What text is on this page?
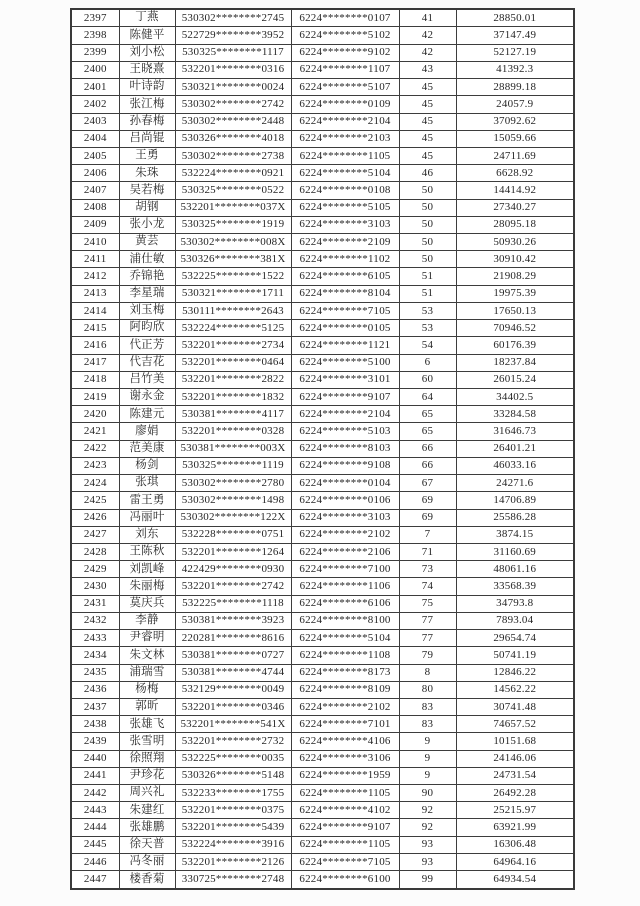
2397	丁燕	530302********2745	6224********0107	41	28850.01
2398	陈健平	522729********3952	6224********5102	42	37147.49
2399	刘小松	530325********1117	6224********9102	42	52127.19
2400	王晓熹	532201********0316	6224********1107	43	41392.3
2401	叶诗韵	530321********0024	6224********5107	45	28899.18
2402	张江梅	530302********2742	6224********0109	45	24057.9
2403	孙春梅	530302********2448	6224********2104	45	37092.62
2404	吕尚锟	530326********4018	6224********2103	45	15059.66
2405	王勇	530302********2738	6224********1105	45	24711.69
2406	朱珠	532224********0921	6224********5104	46	6628.92
2407	吴若梅	530325********0522	6224********0108	50	14414.92
2408	胡钢	532201********037X	6224********5105	50	27340.27
2409	张小龙	530325********1919	6224********3103	50	28095.18
2410	黄芸	530302********008X	6224********2109	50	50930.26
2411	浦仕敏	530326********381X	6224********1102	50	30910.42
2412	乔锦艳	532225********1522	6224********6105	51	21908.29
2413	李星瑞	530321********1711	6224********8104	51	19975.39
2414	刘玉梅	530111********2643	6224********7105	53	17650.13
2415	阿昀欣	532224********5125	6224********0105	53	70946.52
2416	代正芳	532201********2734	6224********1121	54	60176.39
2417	代吉花	532201********0464	6224********5100	6	18237.84
2418	吕竹美	532201********2822	6224********3101	60	26015.24
2419	谢永金	532201********1832	6224********9107	64	34402.5
2420	陈建元	530381********4117	6224********2104	65	33284.58
2421	廖娟	532201********0328	6224********5103	65	31646.73
2422	范美康	530381********003X	6224********8103	66	26401.21
2423	杨剑	530325********1119	6224********9108	66	46033.16
2424	张琪	530302********2780	6224********0104	67	24271.6
2425	雷王勇	530302********1498	6224********0106	69	14706.89
2426	冯丽叶	530302********122X	6224********3103	69	25586.28
2427	刘东	532228********0751	6224********2102	7	3874.15
2428	王陈秋	532201********1264	6224********2106	71	31160.69
2429	刘凯峰	422429********0930	6224********7100	73	48061.16
2430	朱丽梅	532201********2742	6224********1106	74	33568.39
2431	莫庆兵	532225********1118	6224********6106	75	34793.8
2432	李静	530381********3923	6224********8100	77	7893.04
2433	尹睿明	220281********8616	6224********5104	77	29654.74
2434	朱文林	530381********0727	6224********1108	79	50741.19
2435	浦瑞雪	530381********4744	6224********8173	8	12846.22
2436	杨梅	532129********0049	6224********8109	80	14562.22
2437	郭昕	532201********0346	6224********2102	83	30741.48
2438	张雄飞	532201********541X	6224********7101	83	74657.52
2439	张雪明	532201********2732	6224********4106	9	10151.68
2440	徐照翔	532225********0035	6224********3106	9	24146.06
2441	尹珍花	530326********5148	6224********1959	9	24731.54
2442	周兴礼	532233********1755	6224********1105	90	26492.28
2443	朱建红	532201********0375	6224********4102	92	25215.97
2444	张雄鹏	532201********5439	6224********9107	92	63921.99
2445	徐天普	532224********3916	6224********1105	93	16306.48
2446	冯冬丽	532201********2126	6224********7105	93	64964.16
2447	楼香菊	330725********2748	6224********6100	99	64934.54
